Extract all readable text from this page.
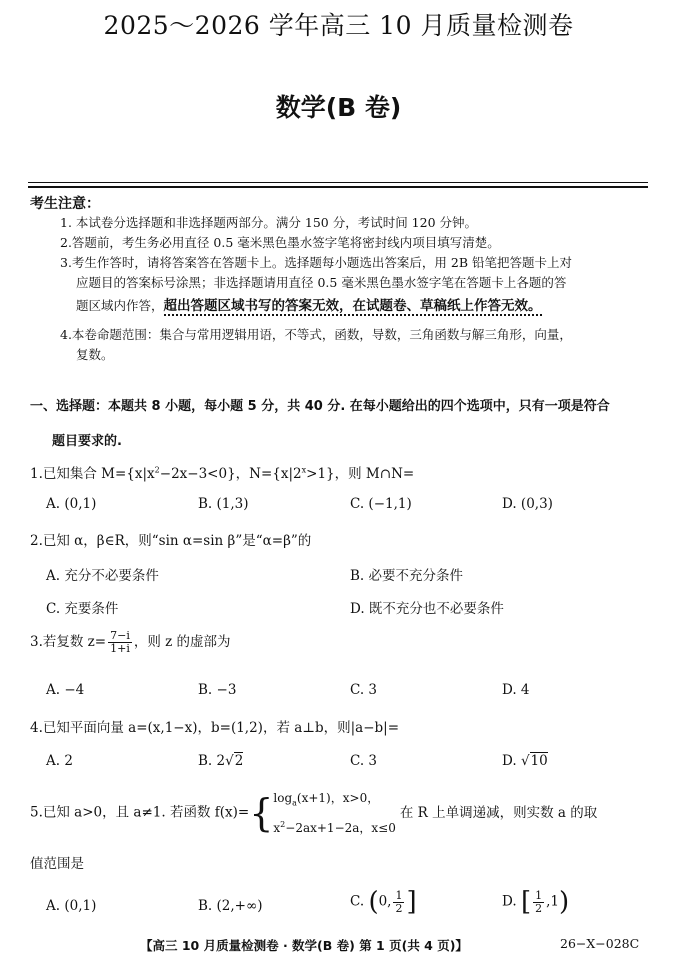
2025～2026 学年高三 10 月质量检测卷
数学(B 卷)
考生注意：
1. 本试卷分选择题和非选择题两部分。满分 150 分，考试时间 120 分钟。
2.答题前，考生务必用直径 0.5 毫米黑色墨水签字笔将密封线内项目填写清楚。
3.考生作答时，请将答案答在答题卡上。选择题每小题选出答案后，用 2B 铅笔把答题卡上对
应题目的答案标号涂黑；非选择题请用直径 0.5 毫米黑色墨水签字笔在答题卡上各题的答
题区域内作答，超出答题区域书写的答案无效，在试题卷、草稿纸上作答无效。
4.本卷命题范围：集合与常用逻辑用语，不等式，函数，导数，三角函数与解三角形，向量，
复数。
一、选择题：本题共 8 小题，每小题 5 分，共 40 分. 在每小题给出的四个选项中，只有一项是符合
题目要求的.
1.已知集合 $M=\{x|x^2-2x-3<0\}$，$N=\{x|2^x>1\}$，则 M∩N=
A. (0,1)	B. (1,3)	C. (−1,1)	D. (0,3)
2.已知 α，β∈R，则“sin α=sin β”是“α=β”的
A. 充分不必要条件	B. 必要不充分条件
C. 充要条件	D. 既不充分也不必要条件
3.若复数 $z= \frac{7-i}{1+i}$ ，则 z 的虚部为
A. −4	B. −3	C. 3	D. 4
4.已知平面向量 a=(x,1−x)，b=(1,2)，若 a⊥b，则|a−b|=
A. 2	B. 2√2	C. 3	D. √10
5.已知 a>0，且 a≠1. 若函数 f(x)={ $\log_a(x+1)$，x>0，
$x^2-2ax+1-2a$，x≤0
在 R 上单调递减，则实数 a 的取
值范围是
A. (0,1)	B. (2,+∞)	C. (0, $\frac{1}{2}$ ]	D. [ $\frac{1}{2} ,1$)
【高三 10 月质量检测卷 · 数学(B 卷) 第 1 页(共 4 页)】	26−X−028C
